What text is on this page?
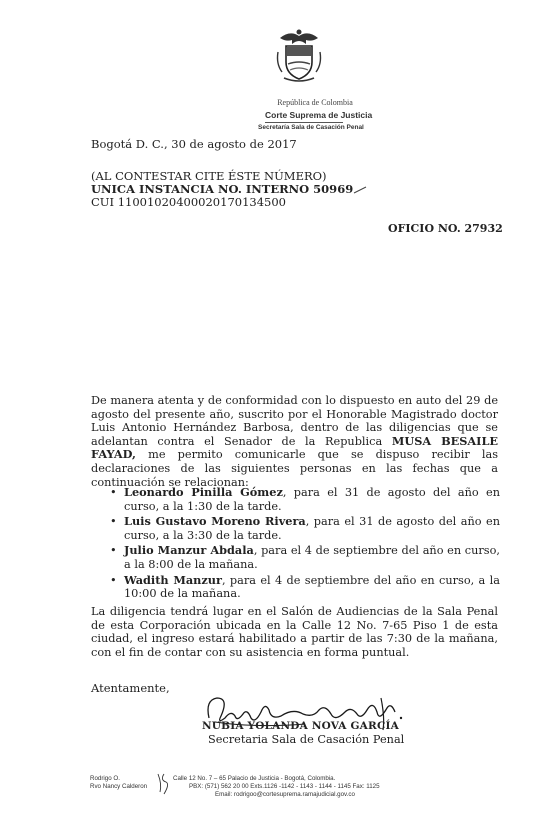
República de Colombia
Corte Suprema de Justicia
Secretaría Sala de Casación Penal
Bogotá D. C., 30 de agosto de 2017
(AL CONTESTAR CITE ÉSTE NÚMERO)
UNICA INSTANCIA NO. INTERNO 50969
CUI 11001020400020170134500
OFICIO NO. 27932
De manera atenta y de conformidad con lo dispuesto en auto del 29 de agosto del presente año, suscrito por el Honorable Magistrado doctor Luis Antonio Hernández Barbosa, dentro de las diligencias que se adelantan contra el Senador de la Republica MUSA BESAILE FAYAD, me permito comunicarle que se dispuso recibir las declaraciones de las siguientes personas en las fechas que a continuación se relacionan:
• Leonardo Pinilla Gómez, para el 31 de agosto del año en curso, a la 1:30 de la tarde.
• Luis Gustavo Moreno Rivera, para el 31 de agosto del año en curso, a la 3:30 de la tarde.
• Julio Manzur Abdala, para el 4 de septiembre del año en curso, a la 8:00 de la mañana.
• Wadith Manzur, para el 4 de septiembre del año en curso, a la 10:00 de la mañana.
La diligencia tendrá lugar en el Salón de Audiencias de la Sala Penal de esta Corporación ubicada en la Calle 12 No. 7-65 Piso 1 de esta ciudad, el ingreso estará habilitado a partir de las 7:30 de la mañana, con el fin de contar con su asistencia en forma puntual.
Atentamente,
NUBIA YOLANDA NOVA GARCÍA
Secretaria Sala de Casación Penal
Rodrigo O.
Rvo Nancy Calderon
Calle 12 No. 7 – 65 Palacio de Justicia - Bogotá, Colombia.
PBX: (571) 562 20 00 Exts.1126 -1142 - 1143 - 1144 - 1145 Fax: 1125
Email: rodrigoo@cortesuprema.ramajudicial.gov.co
